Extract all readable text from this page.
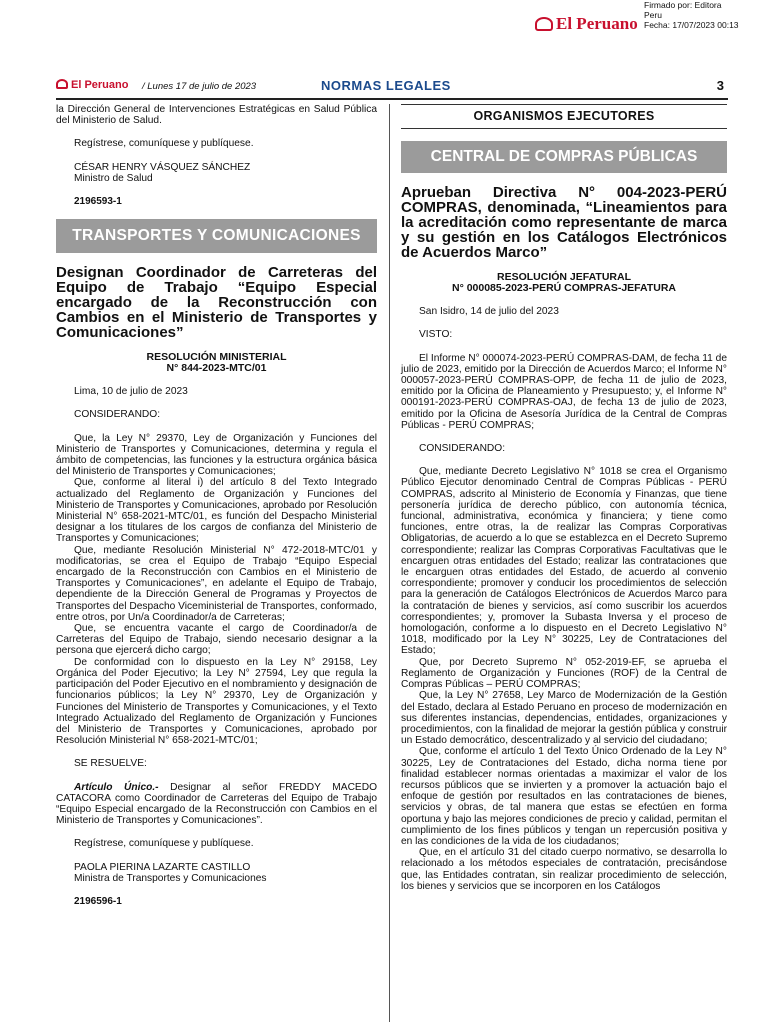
Firmado por: Editora
Peru
Fecha: 17/07/2023 00:13
El Peruano
El Peruano / Lunes 17 de julio de 2023	NORMAS LEGALES	3

la Dirección General de Intervenciones Estratégicas en Salud Pública del Ministerio de Salud.

Regístrese, comuníquese y publíquese.

CÉSAR HENRY VÁSQUEZ SÁNCHEZ

Ministro de Salud

2196593-1

TRANSPORTES Y COMUNICACIONES

Designan Coordinador de Carreteras del Equipo de Trabajo “Equipo Especial encargado de la Reconstrucción con Cambios en el Ministerio de Transportes y Comunicaciones”

RESOLUCIÓN MINISTERIAL
N° 844-2023-MTC/01

Lima, 10 de julio de 2023

CONSIDERANDO:

Que, la Ley N° 29370, Ley de Organización y Funciones del Ministerio de Transportes y Comunicaciones, determina y regula el ámbito de competencias, las funciones y la estructura orgánica básica del Ministerio de Transportes y Comunicaciones;

Que, conforme al literal i) del artículo 8 del Texto Integrado actualizado del Reglamento de Organización y Funciones del Ministerio de Transportes y Comunicaciones, aprobado por Resolución Ministerial N° 658-2021-MTC/01, es función del Despacho Ministerial designar a los titulares de los cargos de confianza del Ministerio de Transportes y Comunicaciones;

Que, mediante Resolución Ministerial N° 472-2018-MTC/01 y modificatorias, se crea el Equipo de Trabajo “Equipo Especial encargado de la Reconstrucción con Cambios en el Ministerio de Transportes y Comunicaciones”, en adelante el Equipo de Trabajo, dependiente de la Dirección General de Programas y Proyectos de Transportes del Despacho Viceministerial de Transportes, conformado, entre otros, por Un/a Coordinador/a de Carreteras;

Que, se encuentra vacante el cargo de Coordinador/a de Carreteras del Equipo de Trabajo, siendo necesario designar a la persona que ejercerá dicho cargo;

De conformidad con lo dispuesto en la Ley N° 29158, Ley Orgánica del Poder Ejecutivo; la Ley N° 27594, Ley que regula la participación del Poder Ejecutivo en el nombramiento y designación de funcionarios públicos; la Ley N° 29370, Ley de Organización y Funciones del Ministerio de Transportes y Comunicaciones, y el Texto Integrado Actualizado del Reglamento de Organización y Funciones del Ministerio de Transportes y Comunicaciones, aprobado por Resolución Ministerial N° 658-2021-MTC/01;

SE RESUELVE:

Artículo Único.- Designar al señor FREDDY MACEDO CATACORA como Coordinador de Carreteras del Equipo de Trabajo “Equipo Especial encargado de la Reconstrucción con Cambios en el Ministerio de Transportes y Comunicaciones”.

Regístrese, comuníquese y publíquese.

PAOLA PIERINA LAZARTE CASTILLO

Ministra de Transportes y Comunicaciones

2196596-1

ORGANISMOS EJECUTORES
CENTRAL DE COMPRAS PÚBLICAS

Aprueban Directiva N° 004-2023-PERÚ COMPRAS, denominada, “Lineamientos para la acreditación como representante de marca y su gestión en los Catálogos Electrónicos de Acuerdos Marco”

RESOLUCIÓN JEFATURAL
N° 000085-2023-PERÚ COMPRAS-JEFATURA

San Isidro, 14 de julio del 2023

VISTO:

El Informe N° 000074-2023-PERÚ COMPRAS-DAM, de fecha 11 de julio de 2023, emitido por la Dirección de Acuerdos Marco; el Informe N° 000057-2023-PERÚ COMPRAS-OPP, de fecha 11 de julio de 2023, emitido por la Oficina de Planeamiento y Presupuesto; y, el Informe N° 000191-2023-PERÚ COMPRAS-OAJ, de fecha 13 de julio de 2023, emitido por la Oficina de Asesoría Jurídica de la Central de Compras Públicas - PERÚ COMPRAS;

CONSIDERANDO:

Que, mediante Decreto Legislativo N° 1018 se crea el Organismo Público Ejecutor denominado Central de Compras Públicas - PERÚ COMPRAS, adscrito al Ministerio de Economía y Finanzas, que tiene personería jurídica de derecho público, con autonomía técnica, funcional, administrativa, económica y financiera; y tiene como funciones, entre otras, la de realizar las Compras Corporativas Obligatorias, de acuerdo a lo que se establezca en el Decreto Supremo correspondiente; realizar las Compras Corporativas Facultativas que le encarguen otras entidades del Estado; realizar las contrataciones que le encarguen otras entidades del Estado, de acuerdo al convenio correspondiente; promover y conducir los procedimientos de selección para la generación de Catálogos Electrónicos de Acuerdos Marco para la contratación de bienes y servicios, así como suscribir los acuerdos correspondientes; y, promover la Subasta Inversa y el proceso de homologación, conforme a lo dispuesto en el Decreto Legislativo N° 1018, modificado por la Ley N° 30225, Ley de Contrataciones del Estado;

Que, por Decreto Supremo N° 052-2019-EF, se aprueba el Reglamento de Organización y Funciones (ROF) de la Central de Compras Públicas – PERÚ COMPRAS;

Que, la Ley N° 27658, Ley Marco de Modernización de la Gestión del Estado, declara al Estado Peruano en proceso de modernización en sus diferentes instancias, dependencias, entidades, organizaciones y procedimientos, con la finalidad de mejorar la gestión pública y construir un Estado democrático, descentralizado y al servicio del ciudadano;

Que, conforme el artículo 1 del Texto Único Ordenado de la Ley N° 30225, Ley de Contrataciones del Estado, dicha norma tiene por finalidad establecer normas orientadas a maximizar el valor de los recursos públicos que se invierten y a promover la actuación bajo el enfoque de gestión por resultados en las contrataciones de bienes, servicios y obras, de tal manera que estas se efectúen en forma oportuna y bajo las mejores condiciones de precio y calidad, permitan el cumplimiento de los fines públicos y tengan un repercusión positiva y en las condiciones de la vida de los ciudadanos;

Que, en el artículo 31 del citado cuerpo normativo, se desarrolla lo relacionado a los métodos especiales de contratación, precisándose que, las Entidades contratan, sin realizar procedimiento de selección, los bienes y servicios que se incorporen en los Catálogos
